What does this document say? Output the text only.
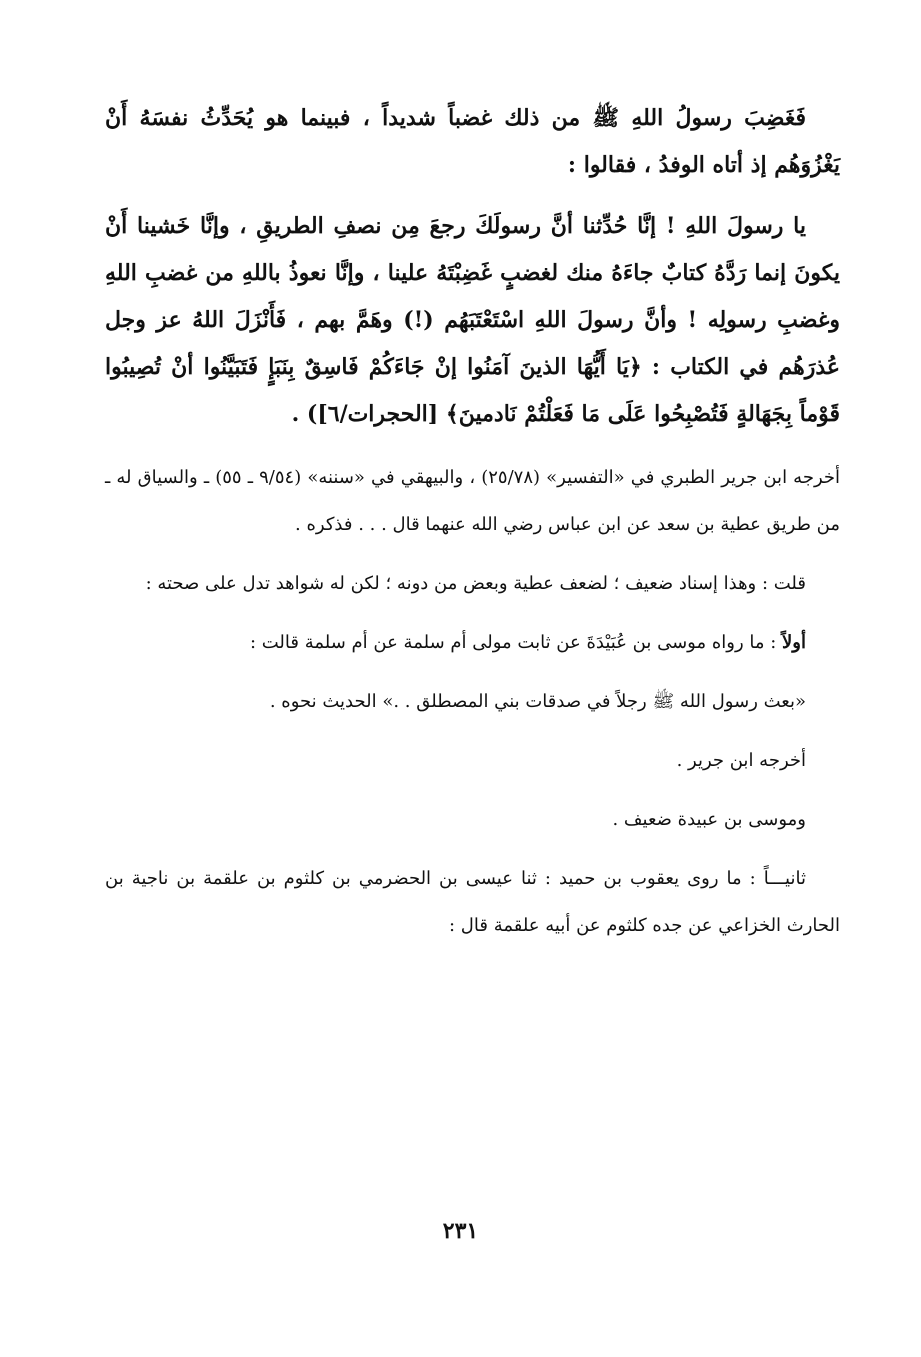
فَغَضِبَ رسولُ اللهِ ﷺ من ذلك غضباً شديداً ، فبينما هو يُحَدِّثُ نفسَهُ أَنْ يَغْزُوَهُم إذ أتاه الوفدُ ، فقالوا :

يا رسولَ اللهِ ! إنَّا حُدِّثنا أنَّ رسولَكَ رجعَ مِن نصفِ الطريقِ ، وإنَّا خَشينا أَنْ يكونَ إنما رَدَّهُ كتابٌ جاءَهُ منك لغضبٍ غَضِبْتَهُ علينا ، وإنَّا نعوذُ باللهِ من غضبِ اللهِ وغضبِ رسولِه ! وأنَّ رسولَ اللهِ اسْتَعْتَبَهُم (!) وهَمَّ بهم ، فَأَنْزَلَ اللهُ عز وجل عُذرَهُم في الكتاب : ﴿يَا أَيُّهَا الذينَ آمَنُوا إنْ جَاءَكُمْ فَاسِقٌ بِنَبَإٍ فَتَبَيَّنُوا أنْ تُصِيبُوا قَوْماً بِجَهَالةٍ فَتُصْبِحُوا عَلَى مَا فَعَلْتُمْ نَادمينَ﴾ [الحجرات/٦]) .

أخرجه ابن جرير الطبري في «التفسير» (٢٥/٧٨) ، والبيهقي في «سننه» (٩/٥٤ ـ ٥٥) ـ والسياق له ـ من طريق عطية بن سعد عن ابن عباس رضي الله عنهما قال . . . فذكره .

قلت : وهذا إسناد ضعيف ؛ لضعف عطية وبعض من دونه ؛ لكن له شواهد تدل على صحته :

أولاً : ما رواه موسى بن عُبَيْدَةَ عن ثابت مولى أم سلمة عن أم سلمة قالت :

«بعث رسول الله ﷺ رجلاً في صدقات بني المصطلق . .» الحديث نحوه .

أخرجه ابن جرير .

وموسى بن عبيدة ضعيف .

ثانيـــاً : ما روى يعقوب بن حميد : ثنا عيسى بن الحضرمي بن كلثوم بن علقمة بن ناجية بن الحارث الخزاعي عن جده كلثوم عن أبيه علقمة قال :

٢٣١
